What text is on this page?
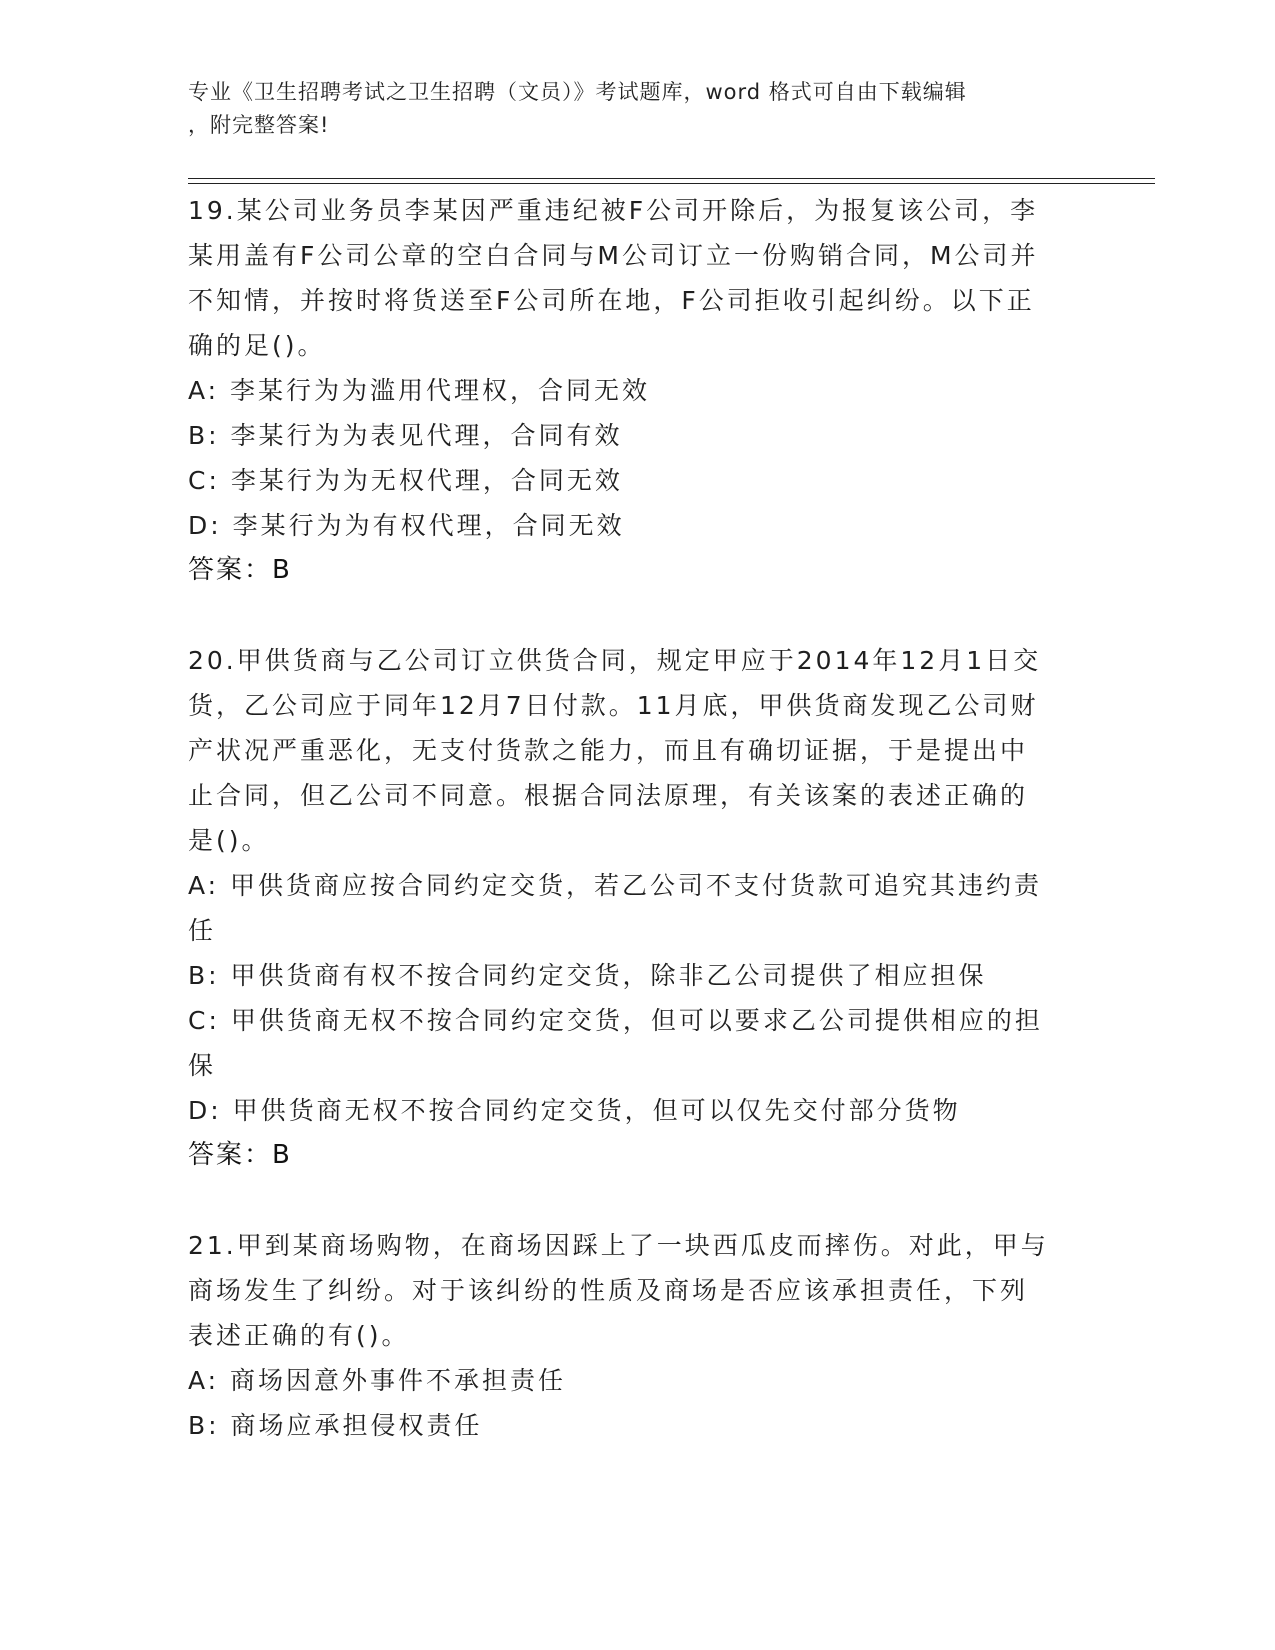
专业《卫生招聘考试之卫生招聘（文员）》考试题库，word 格式可自由下载编辑
，附完整答案!
19.某公司业务员李某因严重违纪被F公司开除后，为报复该公司，李
某用盖有F公司公章的空白合同与M公司订立一份购销合同，M公司并
不知情，并按时将货送至F公司所在地，F公司拒收引起纠纷。以下正
确的足()。
A: 李某行为为滥用代理权，合同无效
B: 李某行为为表见代理，合同有效
C: 李某行为为无权代理，合同无效
D: 李某行为为有权代理，合同无效
答案：B
20.甲供货商与乙公司订立供货合同，规定甲应于2014年12月1日交
货，乙公司应于同年12月7日付款。11月底，甲供货商发现乙公司财
产状况严重恶化，无支付货款之能力，而且有确切证据，于是提出中
止合同，但乙公司不同意。根据合同法原理，有关该案的表述正确的
是()。
A: 甲供货商应按合同约定交货，若乙公司不支付货款可追究其违约责
任
B: 甲供货商有权不按合同约定交货，除非乙公司提供了相应担保
C: 甲供货商无权不按合同约定交货，但可以要求乙公司提供相应的担
保
D: 甲供货商无权不按合同约定交货，但可以仅先交付部分货物
答案：B
21.甲到某商场购物，在商场因踩上了一块西瓜皮而摔伤。对此，甲与
商场发生了纠纷。对于该纠纷的性质及商场是否应该承担责任，下列
表述正确的有()。
A: 商场因意外事件不承担责任
B: 商场应承担侵权责任
